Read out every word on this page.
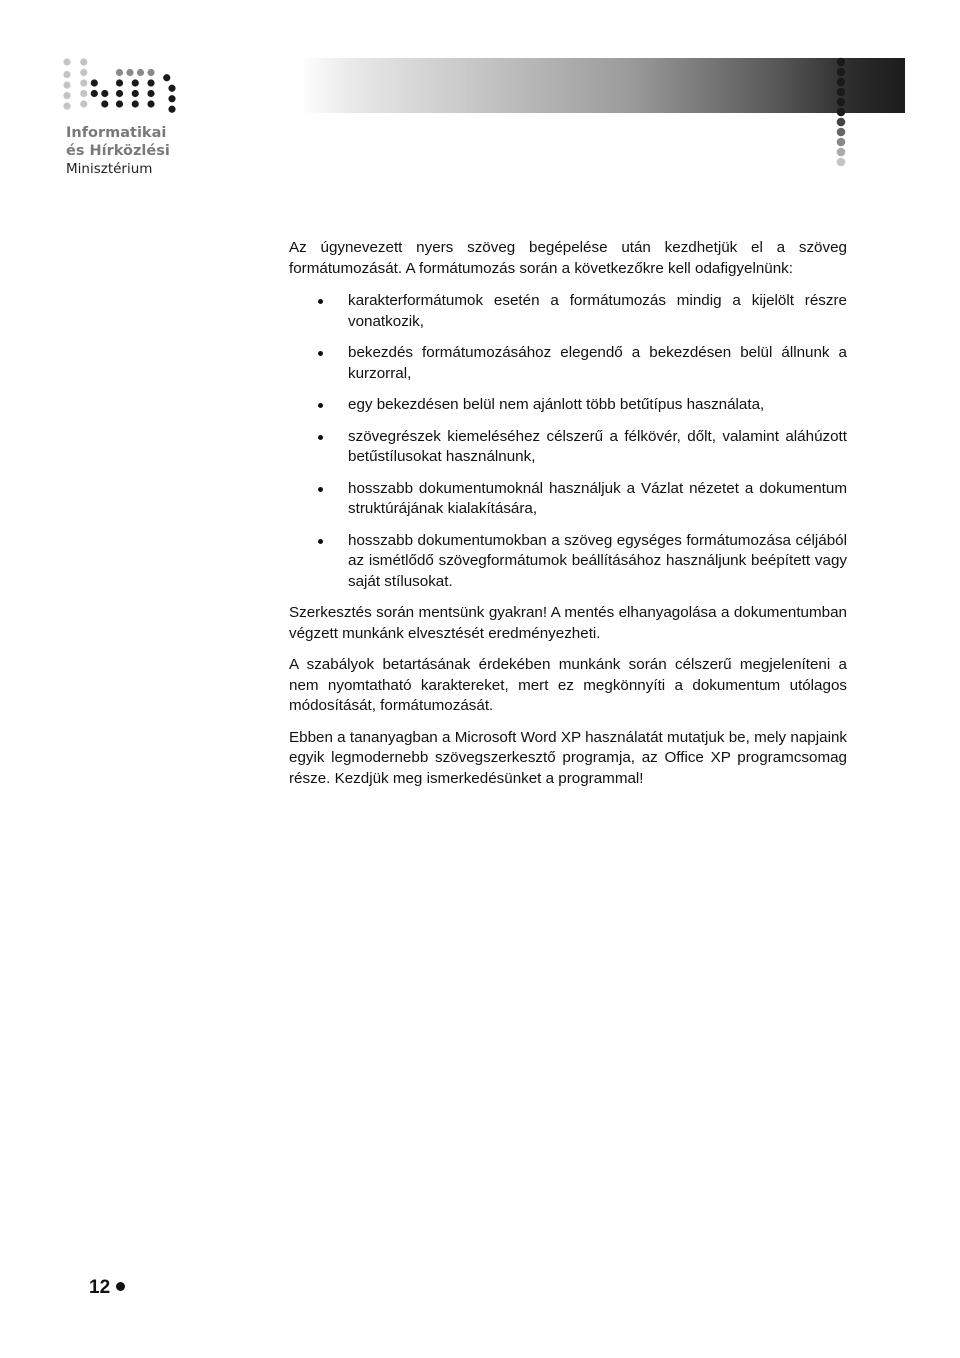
Informatikai
és Hírközlési
Minisztérium

Az úgynevezett nyers szöveg begépelése után kezdhetjük el a szöveg formátumozását. A formátumozás során a következőkre kell odafigyelnünk:

karakterformátumok esetén a formátumozás mindig a kijelölt részre vonatkozik,
bekezdés formátumozásához elegendő a bekezdésen belül állnunk a kurzorral,
egy bekezdésen belül nem ajánlott több betűtípus használata,
szövegrészek kiemeléséhez célszerű a félkövér, dőlt, valamint aláhúzott betűstílusokat használnunk,
hosszabb dokumentumoknál használjuk a Vázlat nézetet a dokumentum struktúrájának kialakítására,
hosszabb dokumentumokban a szöveg egységes formátumozása céljából az ismétlődő szövegformátumok beállításához használjunk beépített vagy saját stílusokat.

Szerkesztés során mentsünk gyakran! A mentés elhanyagolása a dokumentumban végzett munkánk elvesztését eredményezheti.

A szabályok betartásának érdekében munkánk során célszerű megjeleníteni a nem nyomtatható karaktereket, mert ez megkönnyíti a dokumentum utólagos módosítását, formátumozását.

Ebben a tananyagban a Microsoft Word XP használatát mutatjuk be, mely napjaink egyik legmodernebb szövegszerkesztő programja, az Office XP programcsomag része. Kezdjük meg ismerkedésünket a programmal!

12
